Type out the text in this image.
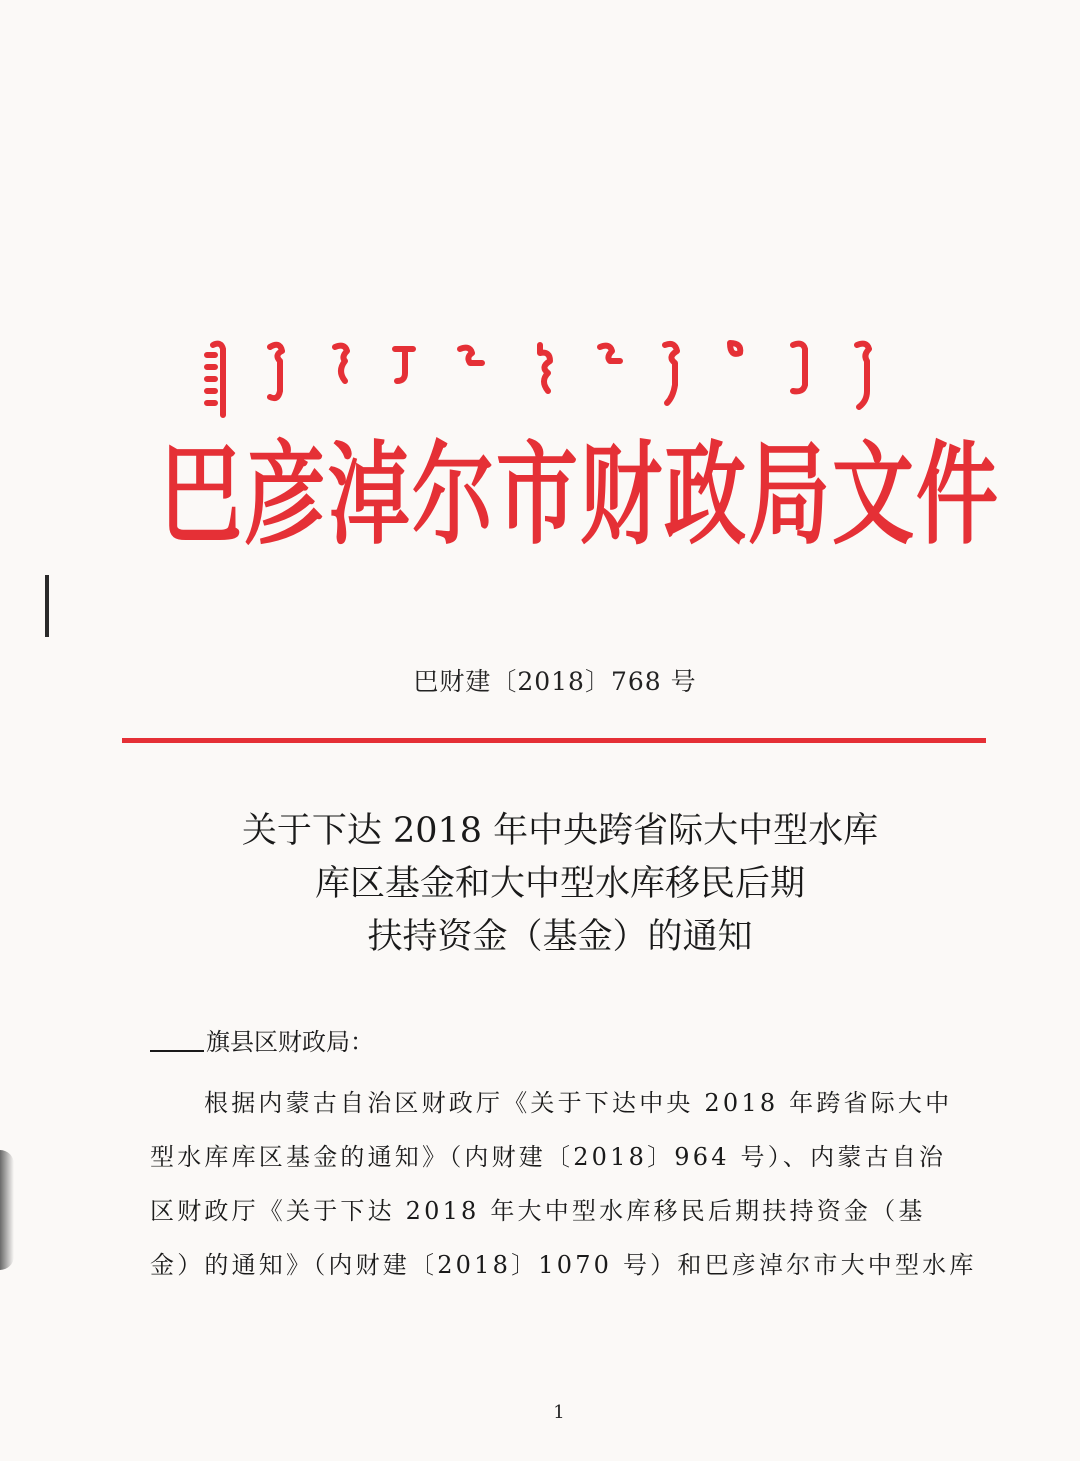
巴彦淖尔市财政局文件
巴财建〔2018〕768 号
关于下达 2018 年中央跨省际大中型水库
库区基金和大中型水库移民后期
扶持资金（基金）的通知
旗县区财政局：
根据内蒙古自治区财政厅《关于下达中央 2018 年跨省际大中
型水库库区基金的通知》（内财建〔2018〕964 号）、内蒙古自治
区财政厅《关于下达 2018 年大中型水库移民后期扶持资金（基
金）的通知》（内财建〔2018〕1070 号）和巴彦淖尔市大中型水库
1
